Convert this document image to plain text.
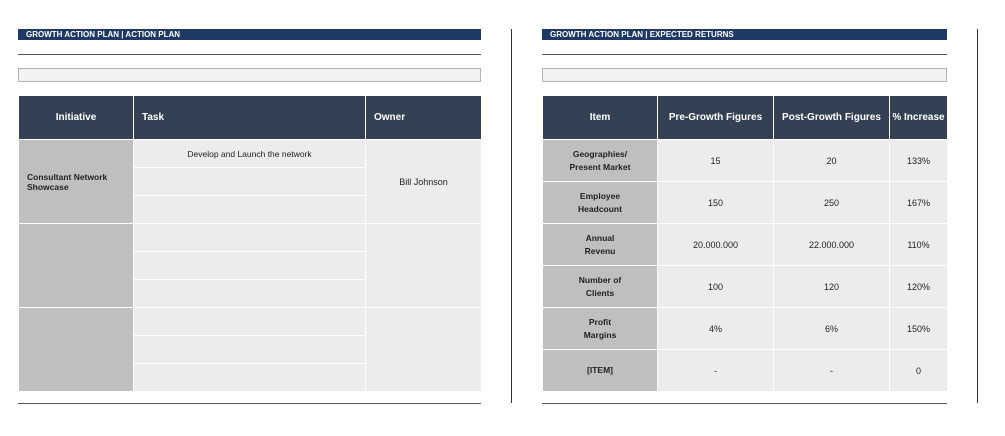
GROWTH ACTION PLAN | ACTION PLAN
Initiative	Task	Owner
Consultant Network Showcase	Develop and Launch the network	Bill Johnson

GROWTH ACTION PLAN | EXPECTED RETURNS
Item	Pre-Growth Figures	Post-Growth Figures	% Increase
Geographies/
Present Market	15	20	133%
Employee
Headcount	150	250	167%
Annual
Revenu	20.000.000	22.000.000	110%
Number of
Clients	100	120	120%
Profit
Margins	4%	6%	150%
[ITEM]	-	-	0
